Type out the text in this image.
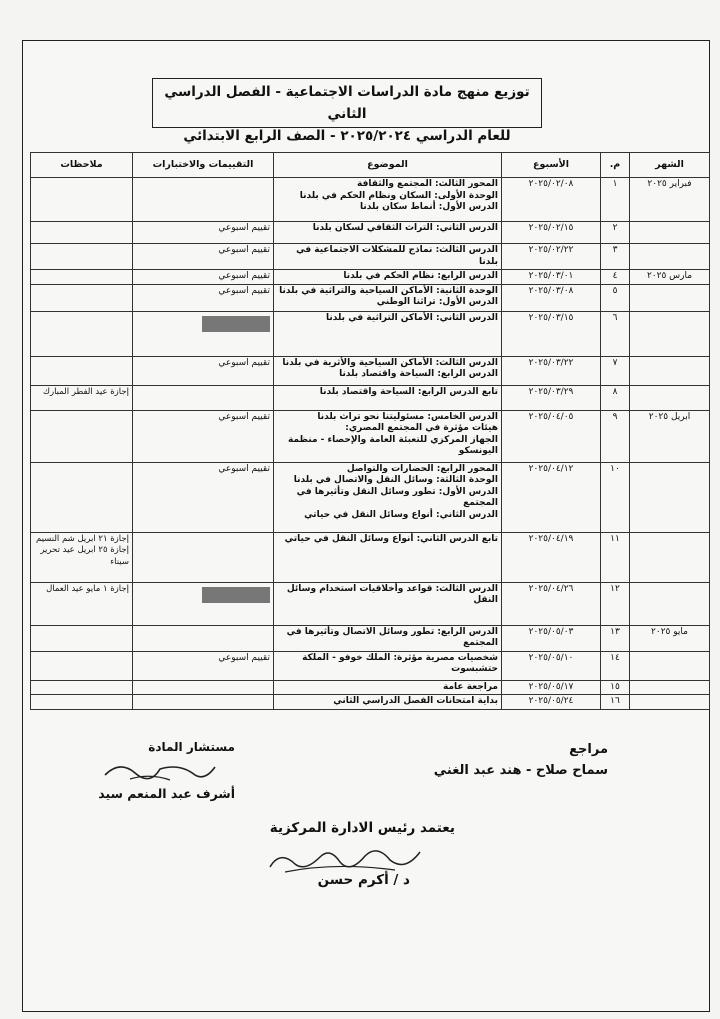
توزيع منهج مادة الدراسات الاجتماعية - الفصل الدراسي الثاني
للعام الدراسي ٢٠٢٥/٢٠٢٤ - الصف الرابع الابتدائي
الشهر	م.	الأسبوع	الموضوع	التقييمات والاختبارات	ملاحظات
فبراير ٢٠٢٥	١	٢٠٢٥/٠٢/٠٨	المحور الثالث: المجتمع والثقافة
الوحدة الأولى: السكان ونظام الحكم في بلدنا
الدرس الأول: أنماط سكان بلدنا		

	٢	٢٠٢٥/٠٢/١٥	الدرس الثاني: التراث الثقافي لسكان بلدنا	تقييم اسبوعي	
	٣	٢٠٢٥/٠٢/٢٢	الدرس الثالث: نماذج للمشكلات الاجتماعية في بلدنا	تقييم اسبوعي	
مارس ٢٠٢٥	٤	٢٠٢٥/٠٣/٠١	الدرس الرابع: نظام الحكم في بلدنا	تقييم اسبوعي	
	٥	٢٠٢٥/٠٣/٠٨	الوحدة الثانية: الأماكن السياحية والتراثية في بلدنا
الدرس الأول: تراثنا الوطني	تقييم اسبوعي	
	٦	٢٠٢٥/٠٣/١٥	الدرس الثاني: الأماكن التراثية في بلدنا		

	٧	٢٠٢٥/٠٣/٢٢	الدرس الثالث: الأماكن السياحية والأثرية في بلدنا
الدرس الرابع: السياحة واقتصاد بلدنا	تقييم اسبوعي	
	٨	٢٠٢٥/٠٣/٢٩	تابع الدرس الرابع: السياحة واقتصاد بلدنا		إجازة عيد الفطر المبارك
ابريل ٢٠٢٥	٩	٢٠٢٥/٠٤/٠٥	الدرس الخامس: مسئوليتنا نحو تراث بلدنا
هيئات مؤثرة في المجتمع المصري:
الجهاز المركزي للتعبئة العامة والإحصاء - منظمة اليونسكو	تقييم اسبوعي	
	١٠	٢٠٢٥/٠٤/١٢	المحور الرابع: الحضارات والتواصل
الوحدة الثالثة: وسائل النقل والاتصال في بلدنا
الدرس الأول: تطور وسائل النقل وتأثيرها في المجتمع
الدرس الثاني: أنواع وسائل النقل في حياتي	تقييم اسبوعي	
	١١	٢٠٢٥/٠٤/١٩	تابع الدرس الثاني: أنواع وسائل النقل في حياتي		إجازة ٢١ ابريل شم النسيم إجازة ٢٥ ابريل عيد تحرير سيناء
	١٢	٢٠٢٥/٠٤/٢٦	الدرس الثالث: قواعد وأخلاقيات استخدام وسائل النقل		إجازة ١ مايو عيد العمال
مايو ٢٠٢٥	١٣	٢٠٢٥/٠٥/٠٣	الدرس الرابع: تطور وسائل الاتصال وتأثيرها في المجتمع		

	١٤	٢٠٢٥/٠٥/١٠	شخصيات مصرية مؤثرة: الملك خوفو - الملكة حتشبسوت	تقييم اسبوعي	
	١٥	٢٠٢٥/٠٥/١٧	مراجعة عامة		

	١٦	٢٠٢٥/٠٥/٢٤	بداية امتحانات الفصل الدراسي الثاني		

مستشار المادة
أشرف عبد المنعم سيد
مراجع
سماح صلاح - هند عبد الغني
يعتمد رئيس الادارة المركزية
د / أكرم حسن
